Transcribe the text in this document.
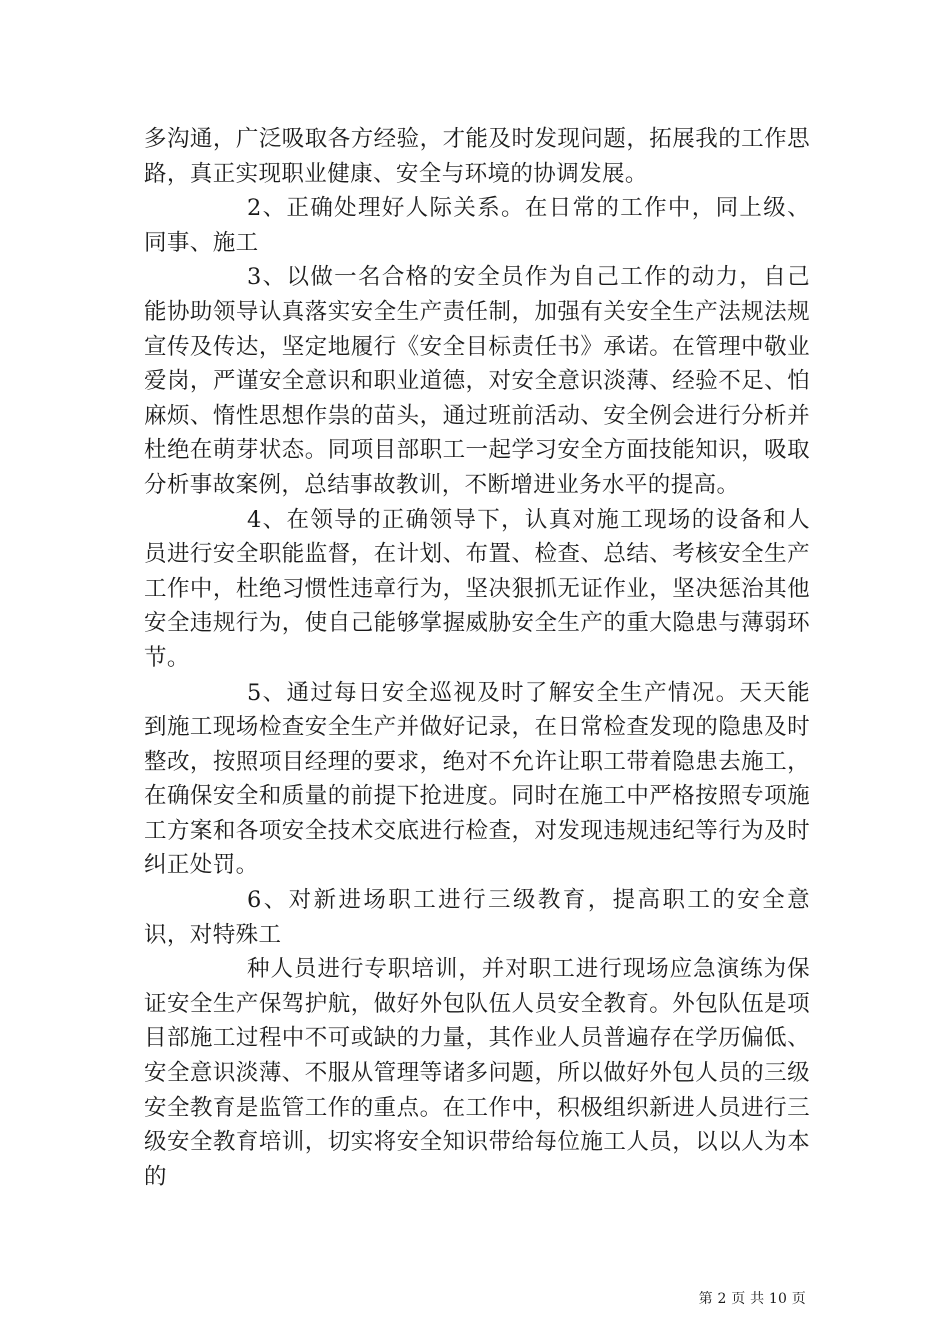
多沟通，广泛吸取各方经验，才能及时发现问题，拓展我的工作思路，真正实现职业健康、安全与环境的协调发展。

2、正确处理好人际关系。在日常的工作中，同上级、同事、施工

3、以做一名合格的安全员作为自己工作的动力，自己能协助领导认真落实安全生产责任制，加强有关安全生产法规法规宣传及传达，坚定地履行《安全目标责任书》承诺。在管理中敬业爱岗，严谨安全意识和职业道德，对安全意识淡薄、经验不足、怕麻烦、惰性思想作祟的苗头，通过班前活动、安全例会进行分析并杜绝在萌芽状态。同项目部职工一起学习安全方面技能知识，吸取分析事故案例，总结事故教训，不断增进业务水平的提高。

4、在领导的正确领导下，认真对施工现场的设备和人员进行安全职能监督，在计划、布置、检查、总结、考核安全生产工作中，杜绝习惯性违章行为，坚决狠抓无证作业，坚决惩治其他安全违规行为，使自己能够掌握威胁安全生产的重大隐患与薄弱环节。

5、通过每日安全巡视及时了解安全生产情况。天天能到施工现场检查安全生产并做好记录，在日常检查发现的隐患及时整改，按照项目经理的要求，绝对不允许让职工带着隐患去施工，在确保安全和质量的前提下抢进度。同时在施工中严格按照专项施工方案和各项安全技术交底进行检查，对发现违规违纪等行为及时纠正处罚。

6、对新进场职工进行三级教育，提高职工的安全意识，对特殊工

种人员进行专职培训，并对职工进行现场应急演练为保证安全生产保驾护航，做好外包队伍人员安全教育。外包队伍是项目部施工过程中不可或缺的力量，其作业人员普遍存在学历偏低、安全意识淡薄、不服从管理等诸多问题，所以做好外包人员的三级安全教育是监管工作的重点。在工作中，积极组织新进人员进行三级安全教育培训，切实将安全知识带给每位施工人员，以以人为本的

第 2 页 共 10 页
